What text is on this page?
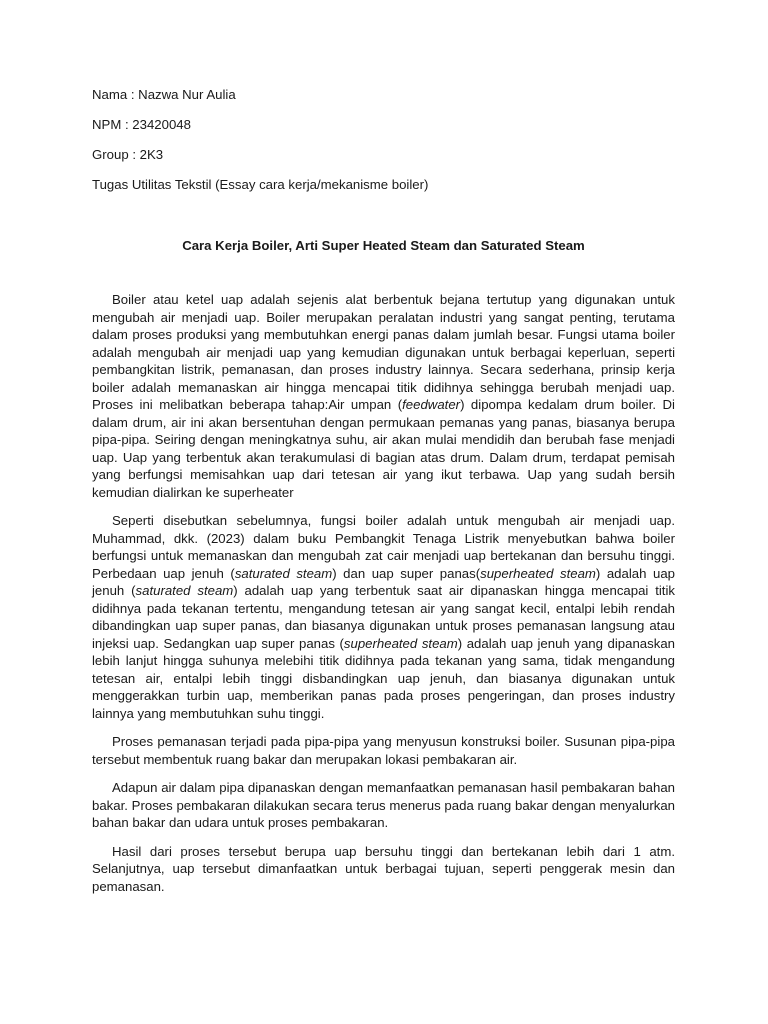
Nama : Nazwa Nur Aulia
NPM : 23420048
Group : 2K3
Tugas Utilitas Tekstil (Essay cara kerja/mekanisme boiler)
Cara Kerja Boiler, Arti Super Heated Steam dan Saturated Steam

Boiler atau ketel uap adalah sejenis alat berbentuk bejana tertutup yang digunakan untuk mengubah air menjadi uap. Boiler merupakan peralatan industri yang sangat penting, terutama dalam proses produksi yang membutuhkan energi panas dalam jumlah besar. Fungsi utama boiler adalah mengubah air menjadi uap yang kemudian digunakan untuk berbagai keperluan, seperti pembangkitan listrik, pemanasan, dan proses industry lainnya. Secara sederhana, prinsip kerja boiler adalah memanaskan air hingga mencapai titik didihnya sehingga berubah menjadi uap. Proses ini melibatkan beberapa tahap:Air umpan (feedwater) dipompa kedalam drum boiler. Di dalam drum, air ini akan bersentuhan dengan permukaan pemanas yang panas, biasanya berupa pipa-pipa. Seiring dengan meningkatnya suhu, air akan mulai mendidih dan berubah fase menjadi uap. Uap yang terbentuk akan terakumulasi di bagian atas drum. Dalam drum, terdapat pemisah yang berfungsi memisahkan uap dari tetesan air yang ikut terbawa. Uap yang sudah bersih kemudian dialirkan ke superheater

Seperti disebutkan sebelumnya, fungsi boiler adalah untuk mengubah air menjadi uap. Muhammad, dkk. (2023) dalam buku Pembangkit Tenaga Listrik menyebutkan bahwa boiler berfungsi untuk memanaskan dan mengubah zat cair menjadi uap bertekanan dan bersuhu tinggi. Perbedaan uap jenuh (saturated steam) dan uap super panas(superheated steam) adalah uap jenuh (saturated steam) adalah uap yang terbentuk saat air dipanaskan hingga mencapai titik didihnya pada tekanan tertentu, mengandung tetesan air yang sangat kecil, entalpi lebih rendah dibandingkan uap super panas, dan biasanya digunakan untuk proses pemanasan langsung atau injeksi uap. Sedangkan uap super panas (superheated steam) adalah uap jenuh yang dipanaskan lebih lanjut hingga suhunya melebihi titik didihnya pada tekanan yang sama, tidak mengandung tetesan air, entalpi lebih tinggi disbandingkan uap jenuh, dan biasanya digunakan untuk menggerakkan turbin uap, memberikan panas pada proses pengeringan, dan proses industry lainnya yang membutuhkan suhu tinggi.

Proses pemanasan terjadi pada pipa-pipa yang menyusun konstruksi boiler. Susunan pipa-pipa tersebut membentuk ruang bakar dan merupakan lokasi pembakaran air.

Adapun air dalam pipa dipanaskan dengan memanfaatkan pemanasan hasil pembakaran bahan bakar. Proses pembakaran dilakukan secara terus menerus pada ruang bakar dengan menyalurkan bahan bakar dan udara untuk proses pembakaran.

Hasil dari proses tersebut berupa uap bersuhu tinggi dan bertekanan lebih dari 1 atm. Selanjutnya, uap tersebut dimanfaatkan untuk berbagai tujuan, seperti penggerak mesin dan pemanasan.
